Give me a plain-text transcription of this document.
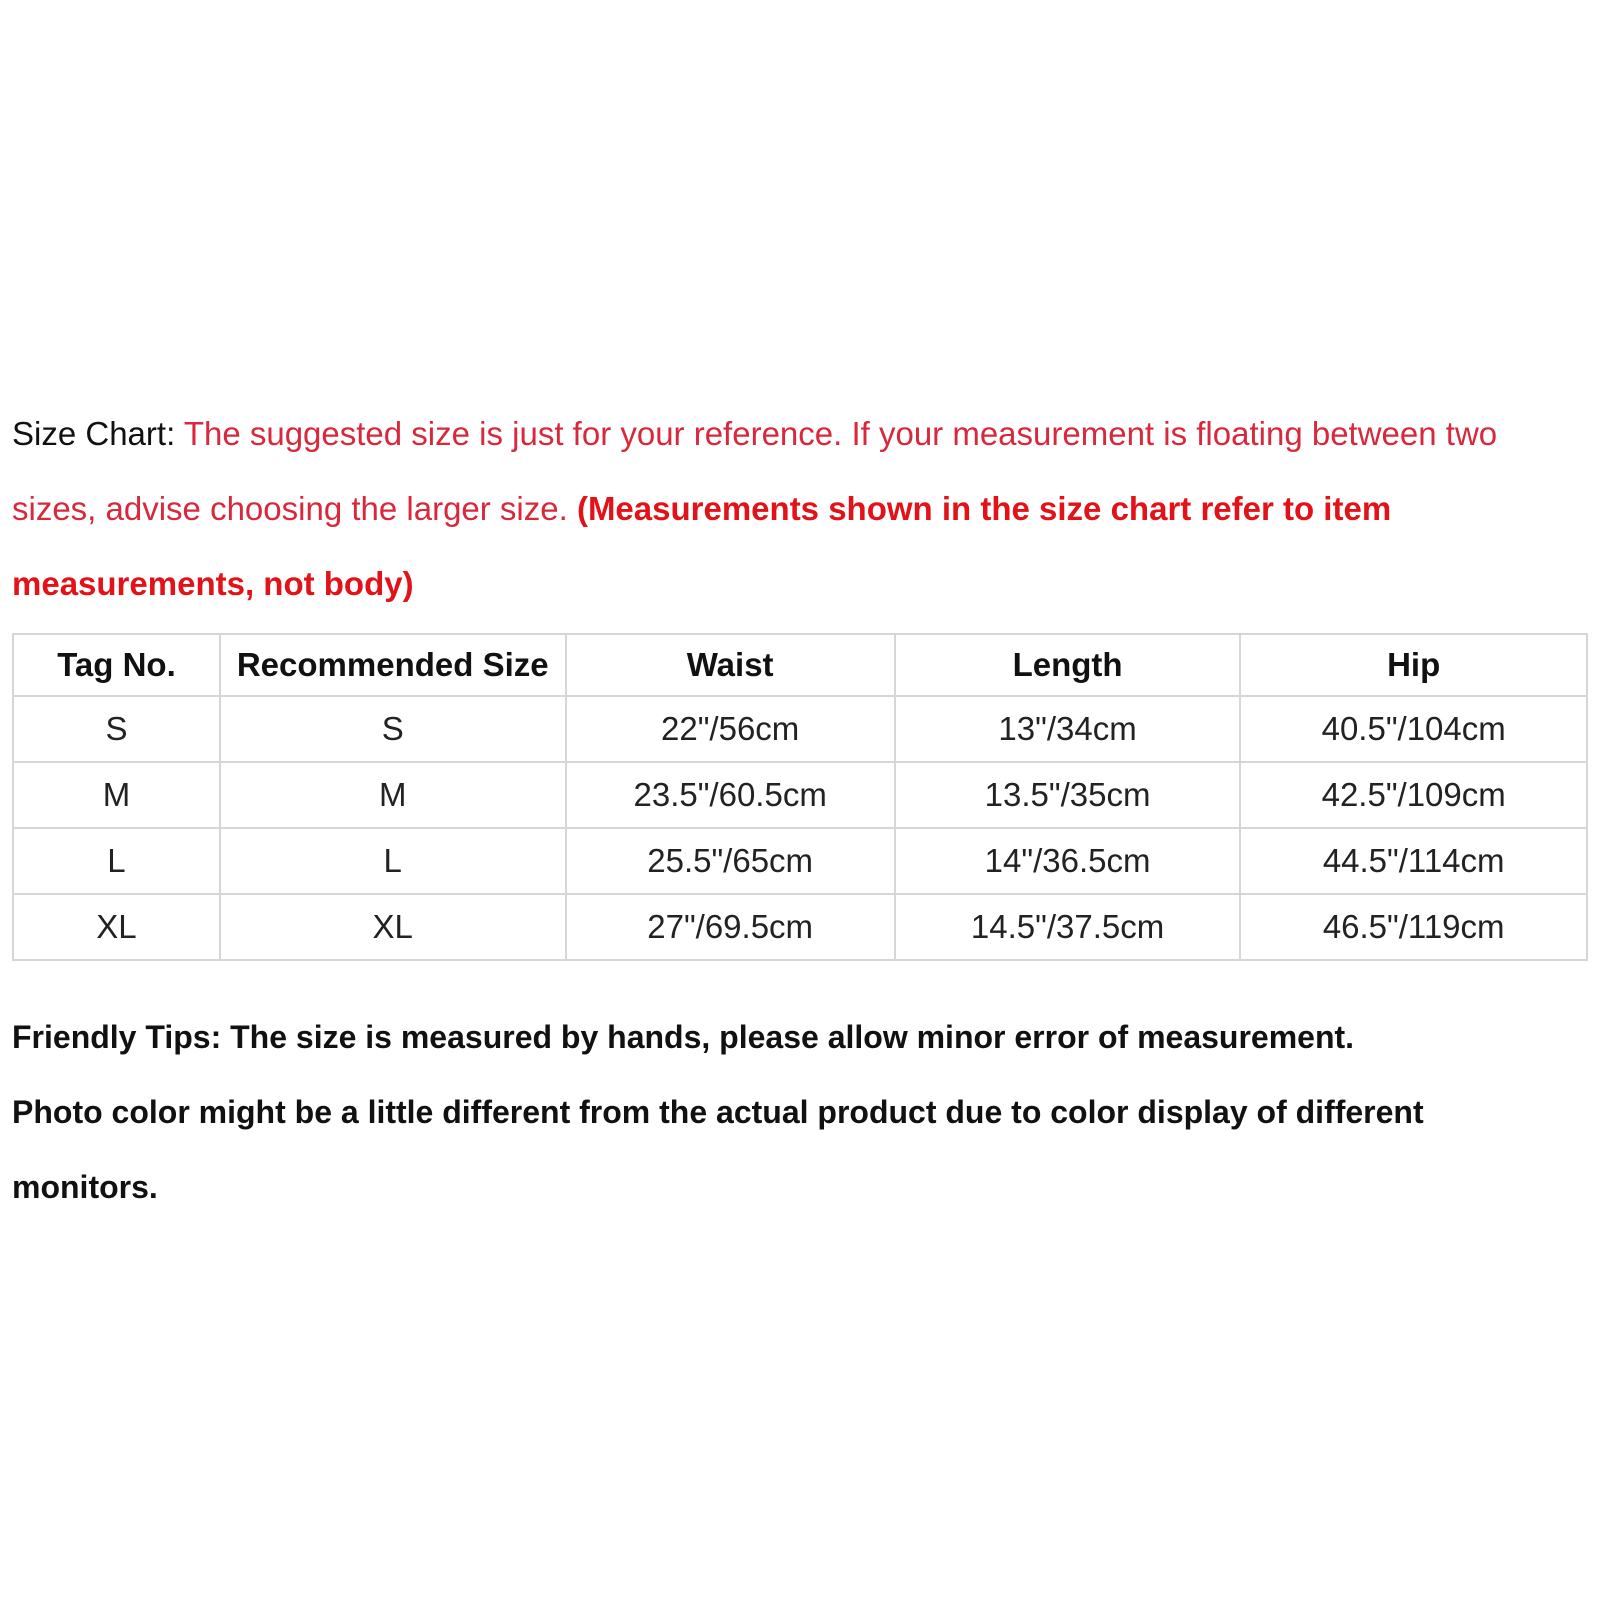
Size Chart: The suggested size is just for your reference. If your measurement is floating between two sizes, advise choosing the larger size. (Measurements shown in the size chart refer to item measurements, not body)

Tag No.	Recommended Size	Waist	Length	Hip
S	S	22"/56cm	13"/34cm	40.5"/104cm
M	M	23.5"/60.5cm	13.5"/35cm	42.5"/109cm
L	L	25.5"/65cm	14"/36.5cm	44.5"/114cm
XL	XL	27"/69.5cm	14.5"/37.5cm	46.5"/119cm

Friendly Tips: The size is measured by hands, please allow minor error of measurement.
Photo color might be a little different from the actual product due to color display of different monitors.
